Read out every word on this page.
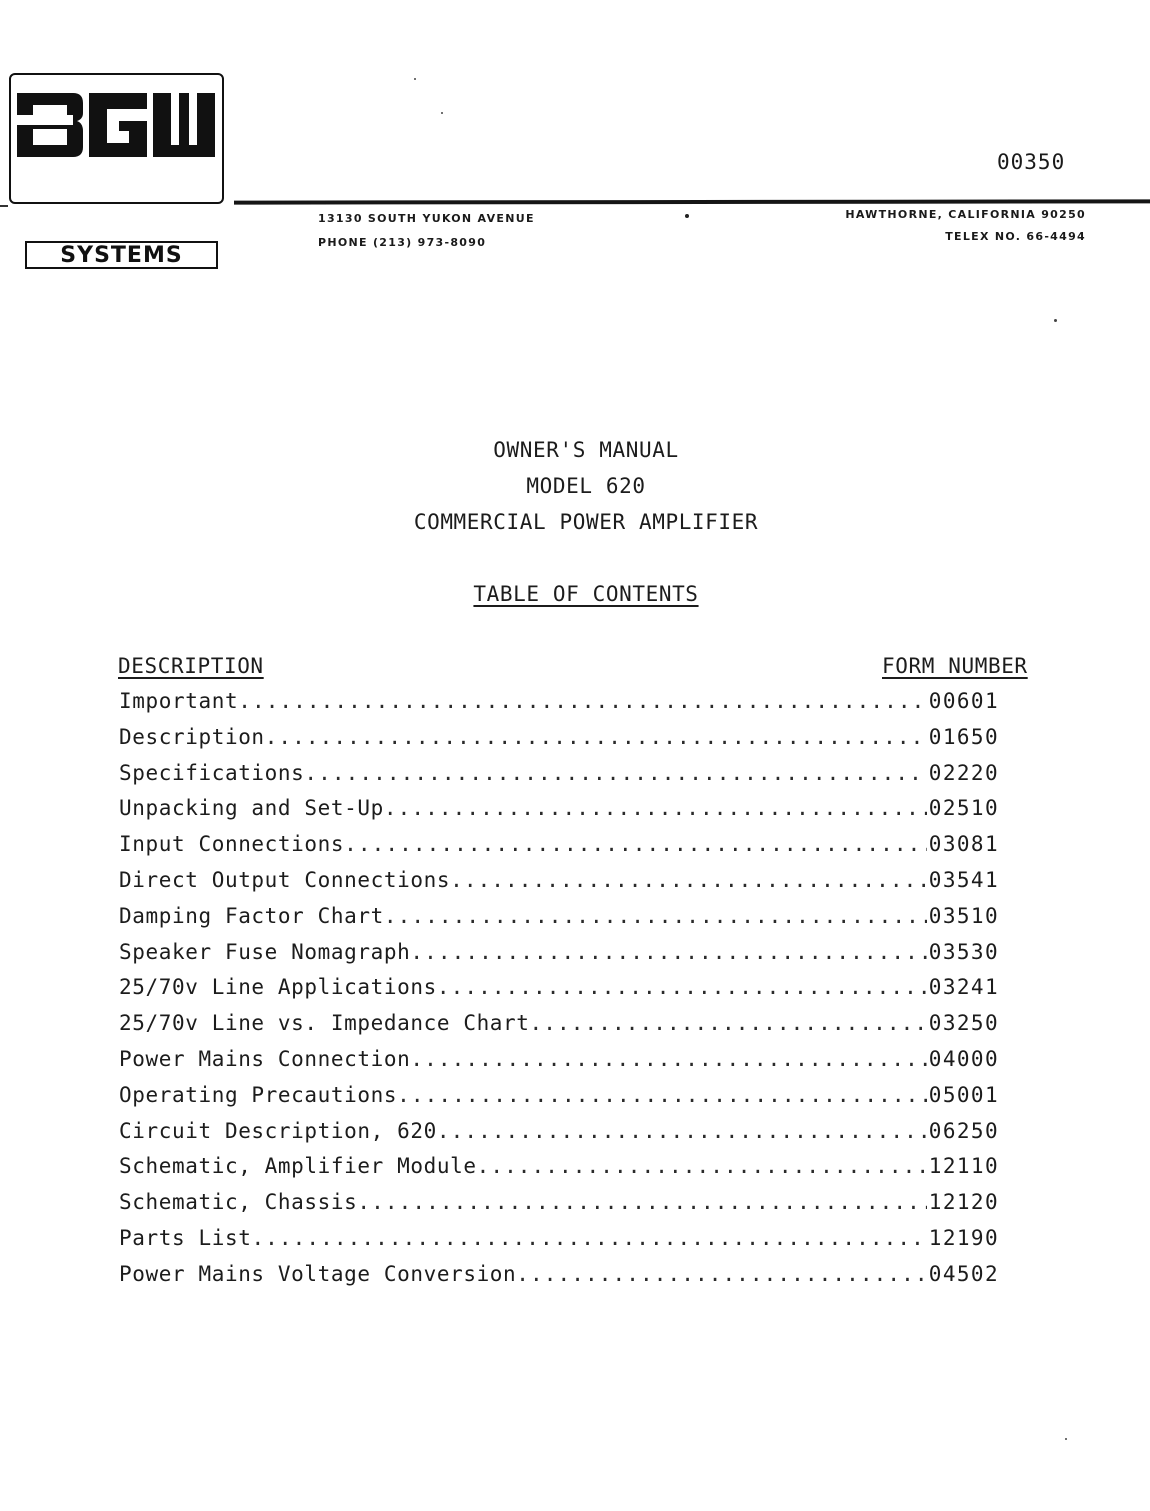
SYSTEMS
00350
13130 SOUTH YUKON AVENUE
PHONE (213) 973-8090
HAWTHORNE, CALIFORNIA 90250
TELEX NO. 66-4494
OWNER'S MANUAL
MODEL 620
COMMERCIAL POWER AMPLIFIER
TABLE OF CONTENTS
DESCRIPTION	FORM NUMBER
Important .....	00601
Description .....	01650
Specifications .....	02220
Unpacking and Set-Up .....	02510
Input Connections .....	03081
Direct Output Connections .....	03541
Damping Factor Chart .....	03510
Speaker Fuse Nomagraph .....	03530
25/70v Line Applications .....	03241
25/70v Line vs. Impedance Chart .....	03250
Power Mains Connection .....	04000
Operating Precautions .....	05001
Circuit Description, 620 .....	06250
Schematic, Amplifier Module .....	12110
Schematic, Chassis .....	12120
Parts List .....	12190
Power Mains Voltage Conversion .....	04502
